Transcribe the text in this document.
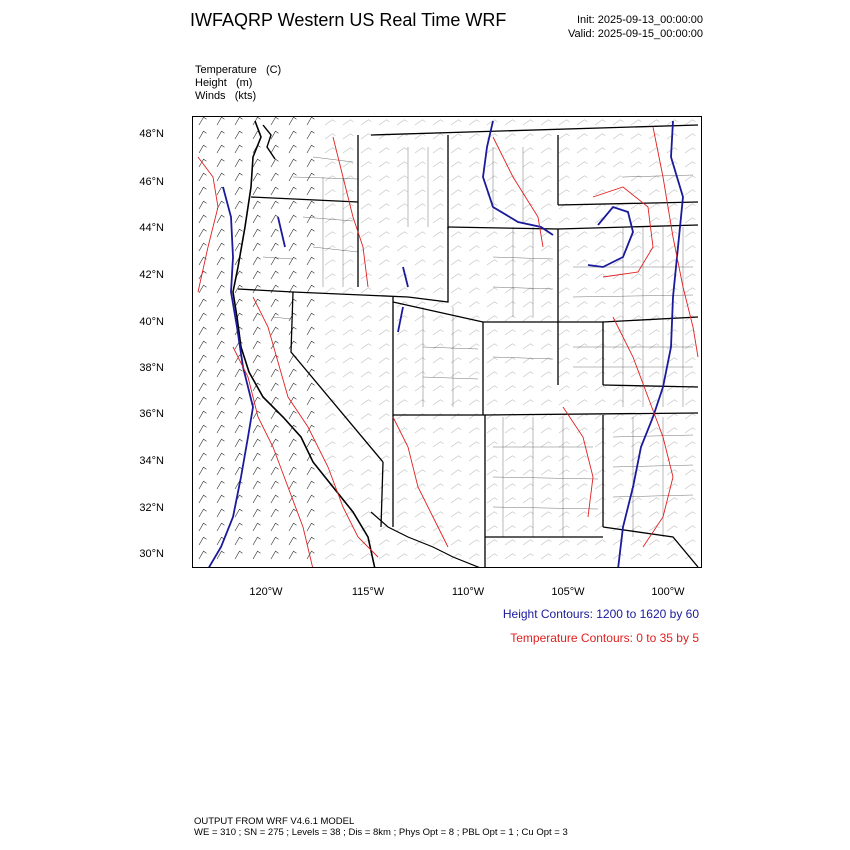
IWFAQRP Western US Real Time WRF	Init: 2025-09-13_00:00:00
Valid: 2025-09-15_00:00:00
Temperature (C)
Height (m)
Winds (kts)
48°N
46°N
44°N
42°N
40°N
38°N
36°N
34°N
32°N
30°N
120°W	115°W	110°W	105°W	100°W
Height Contours: 1200 to 1620 by 60
Temperature Contours: 0 to 35 by 5
OUTPUT FROM WRF V4.6.1 MODEL
WE = 310 ; SN = 275 ; Levels = 38 ; Dis = 8km ; Phys Opt = 8 ; PBL Opt = 1 ; Cu Opt = 3
